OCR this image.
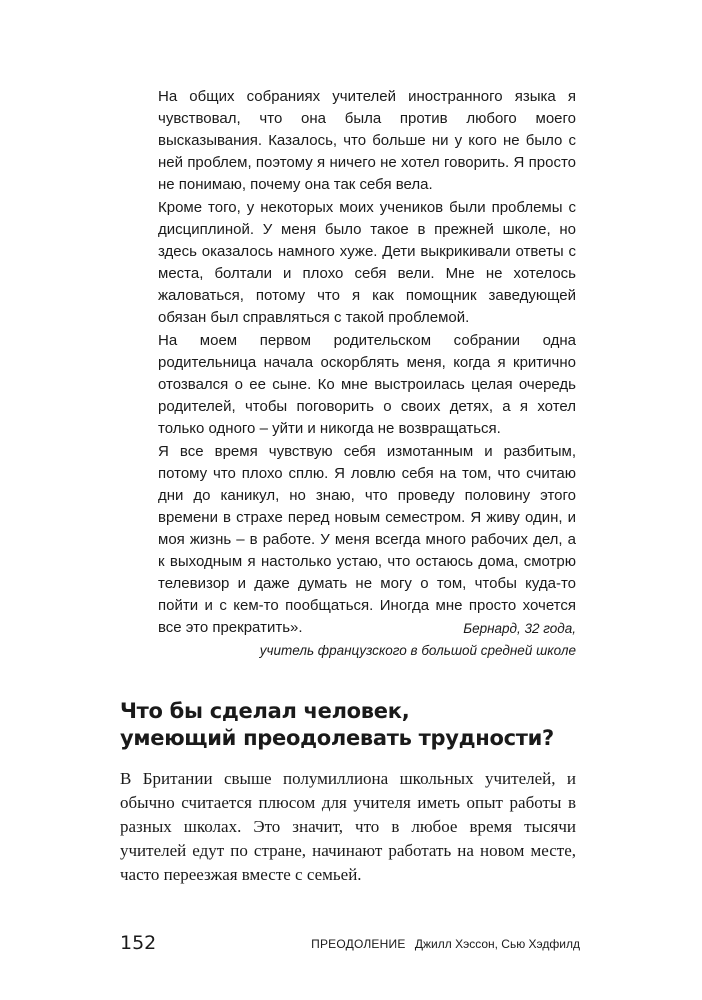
На общих собраниях учителей иностранного языка я чувствовал, что она была против любого моего высказывания. Казалось, что больше ни у кого не было с ней проблем, поэтому я ничего не хотел говорить. Я просто не понимаю, почему она так себя вела.

Кроме того, у некоторых моих учеников были проблемы с дисциплиной. У меня было такое в прежней школе, но здесь оказалось намного хуже. Дети выкрикивали ответы с места, болтали и плохо себя вели. Мне не хотелось жаловаться, потому что я как помощник заведующей обязан был справляться с такой проблемой.

На моем первом родительском собрании одна родительница начала оскорблять меня, когда я критично отозвался о ее сыне. Ко мне выстроилась целая очередь родителей, чтобы поговорить о своих детях, а я хотел только одного – уйти и никогда не возвращаться.

Я все время чувствую себя измотанным и разбитым, потому что плохо сплю. Я ловлю себя на том, что считаю дни до каникул, но знаю, что проведу половину этого времени в страхе перед новым семестром. Я живу один, и моя жизнь – в работе. У меня всегда много рабочих дел, а к выходным я настолько устаю, что остаюсь дома, смотрю телевизор и даже думать не могу о том, чтобы куда-то пойти и с кем-то пообщаться. Иногда мне просто хочется все это прекратить».	Бернард, 32 года,
учитель французского в большой средней школе
Что бы сделал человек,
умеющий преодолевать трудности?

В Британии свыше полумиллиона школьных учителей, и обычно считается плюсом для учителя иметь опыт работы в разных школах. Это значит, что в любое время тысячи учителей едут по стране, начинают работать на новом месте, часто переезжая вместе с семьей.

152	ПРЕОДОЛЕНИЕ Джилл Хэссон, Сью Хэдфилд
